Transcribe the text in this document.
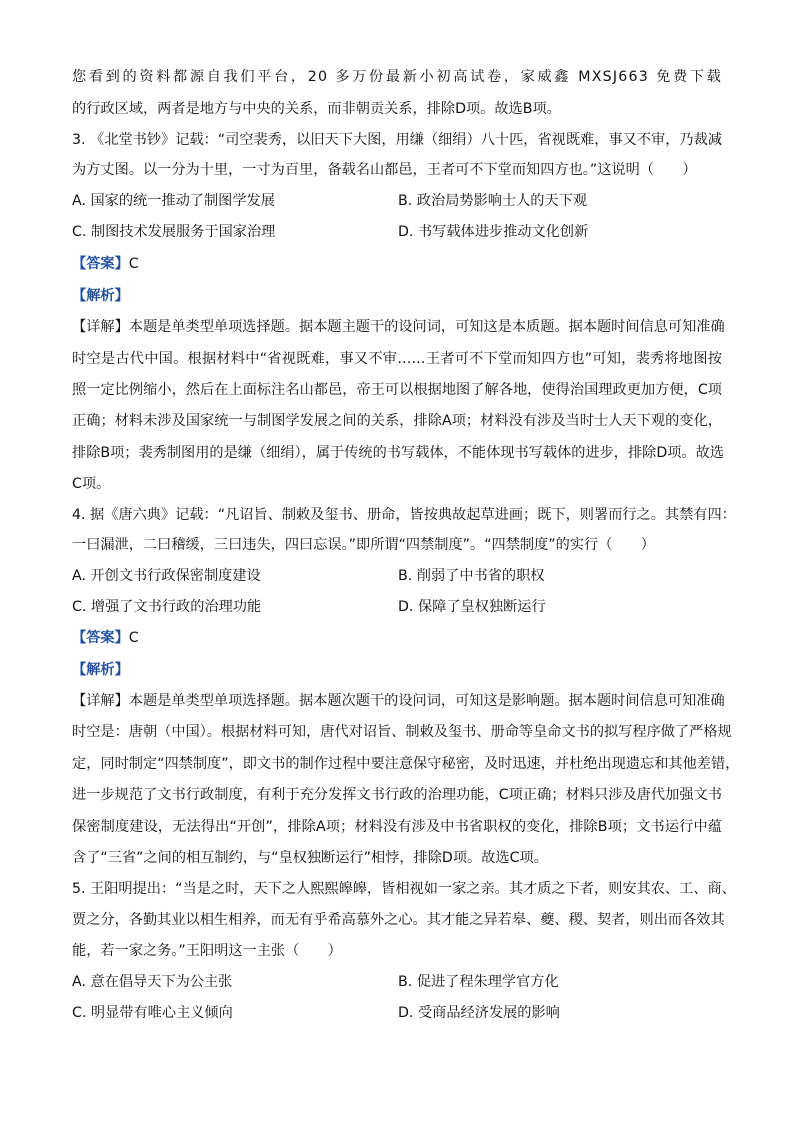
您看到的资料都源自我们平台，20 多万份最新小初高试卷，家威鑫 MXSJ663 免费下载
的行政区域，两者是地方与中央的关系，而非朝贡关系，排除D项。故选B项。
3. 《北堂书钞》记载：“司空裴秀，以旧天下大图，用缣（细绢）八十匹，省视既难，事又不审，乃裁减
为方丈图。以一分为十里，一寸为百里，备载名山都邑，王者可不下堂而知四方也。”这说明（　　）
A. 国家的统一推动了制图学发展	B. 政治局势影响士人的天下观
C. 制图技术发展服务于国家治理	D. 书写载体进步推动文化创新
【答案】C
【解析】
【详解】本题是单类型单项选择题。据本题主题干的设问词，可知这是本质题。据本题时间信息可知准确
时空是古代中国。根据材料中“省视既难，事又不审……王者可不下堂而知四方也”可知，裴秀将地图按
照一定比例缩小，然后在上面标注名山都邑，帝王可以根据地图了解各地，使得治国理政更加方便，C项
正确；材料未涉及国家统一与制图学发展之间的关系，排除A项；材料没有涉及当时士人天下观的变化，
排除B项；裴秀制图用的是缣（细绢），属于传统的书写载体，不能体现书写载体的进步，排除D项。故选
C项。
4. 据《唐六典》记载：“凡诏旨、制敕及玺书、册命，皆按典故起草进画；既下，则署而行之。其禁有四：
一曰漏泄，二曰稽缓，三曰违失，四曰忘误。”即所谓“四禁制度”。“四禁制度”的实行（　　）
A. 开创文书行政保密制度建设	B. 削弱了中书省的职权
C. 增强了文书行政的治理功能	D. 保障了皇权独断运行
【答案】C
【解析】
【详解】本题是单类型单项选择题。据本题次题干的设问词，可知这是影响题。据本题时间信息可知准确
时空是：唐朝（中国）。根据材料可知，唐代对诏旨、制敕及玺书、册命等皇命文书的拟写程序做了严格规
定，同时制定“四禁制度”，即文书的制作过程中要注意保守秘密，及时迅速，并杜绝出现遗忘和其他差错，
进一步规范了文书行政制度，有利于充分发挥文书行政的治理功能，C项正确；材料只涉及唐代加强文书
保密制度建设，无法得出“开创”，排除A项；材料没有涉及中书省职权的变化，排除B项；文书运行中蕴
含了“三省”之间的相互制约，与“皇权独断运行”相悖，排除D项。故选C项。
5. 王阳明提出：“当是之时，天下之人熙熙皞皞，皆相视如一家之亲。其才质之下者，则安其农、工、商、
贾之分，各勤其业以相生相养，而无有乎希高慕外之心。其才能之异若皋、夔、稷、契者，则出而各效其
能，若一家之务。”王阳明这一主张（　　）
A. 意在倡导天下为公主张	B. 促进了程朱理学官方化
C. 明显带有唯心主义倾向	D. 受商品经济发展的影响
